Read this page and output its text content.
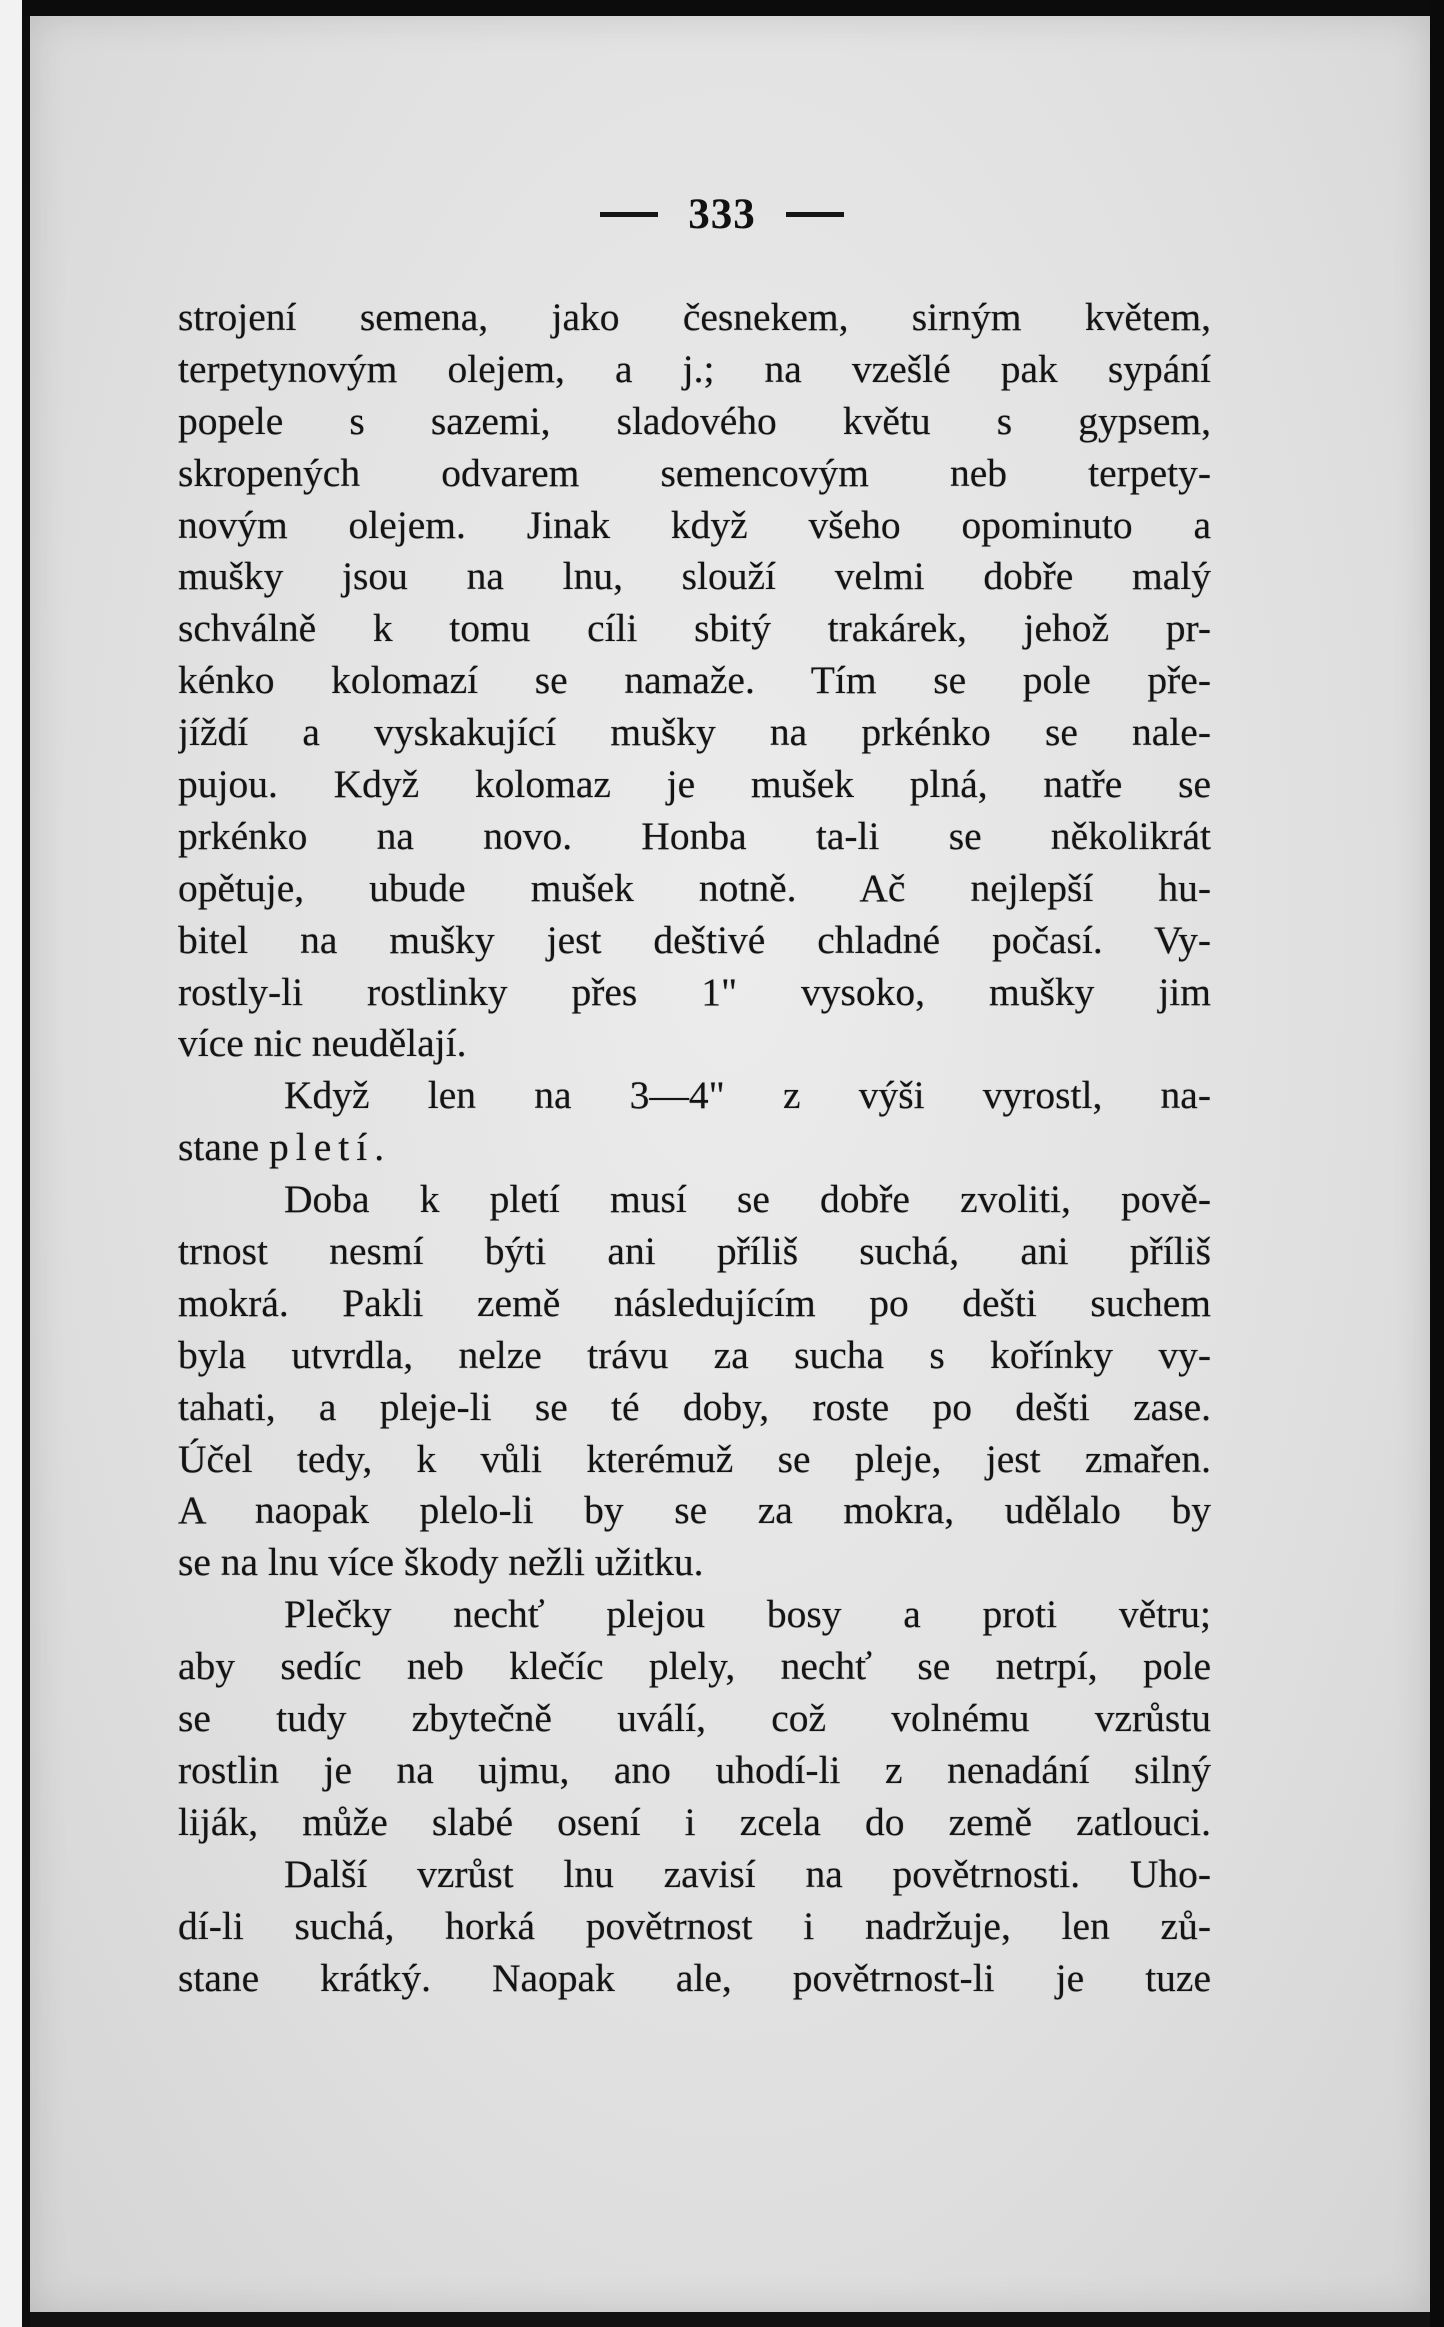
333
strojení semena, jako česnekem, sirným květem,
terpetynovým olejem, a j.; na vzešlé pak sypání
popele s sazemi, sladového květu s gypsem,
skropených odvarem semencovým neb terpety-
novým olejem. Jinak když všeho opominuto a
mušky jsou na lnu, slouží velmi dobře malý
schválně k tomu cíli sbitý trakárek, jehož pr-
kénko kolomazí se namaže. Tím se pole pře-
jíždí a vyskakující mušky na prkénko se nale-
pujou. Když kolomaz je mušek plná, natře se
prkénko na novo. Honba ta-li se několikrát
opětuje, ubude mušek notně. Ač nejlepší hu-
bitel na mušky jest deštivé chladné počasí. Vy-
rostly-li rostlinky přes 1" vysoko, mušky jim
více nic neudělají.
Když len na 3—4" z výši vyrostl, na-
stane pletí.
Doba k pletí musí se dobře zvoliti, pově-
trnost nesmí býti ani příliš suchá, ani příliš
mokrá. Pakli země následujícím po dešti suchem
byla utvrdla, nelze trávu za sucha s kořínky vy-
tahati, a pleje-li se té doby, roste po dešti zase.
Účel tedy, k vůli kterémuž se pleje, jest zmařen.
A naopak plelo-li by se za mokra, udělalo by
se na lnu více škody nežli užitku.
Plečky nechť plejou bosy a proti větru;
aby sedíc neb klečíc plely, nechť se netrpí, pole
se tudy zbytečně uválí, což volnému vzrůstu
rostlin je na ujmu, ano uhodí-li z nenadání silný
liják, může slabé osení i zcela do země zatlouci.
Další vzrůst lnu zavisí na povětrnosti. Uho-
dí-li suchá, horká povětrnost i nadržuje, len zů-
stane krátký. Naopak ale, povětrnost-li je tuze
